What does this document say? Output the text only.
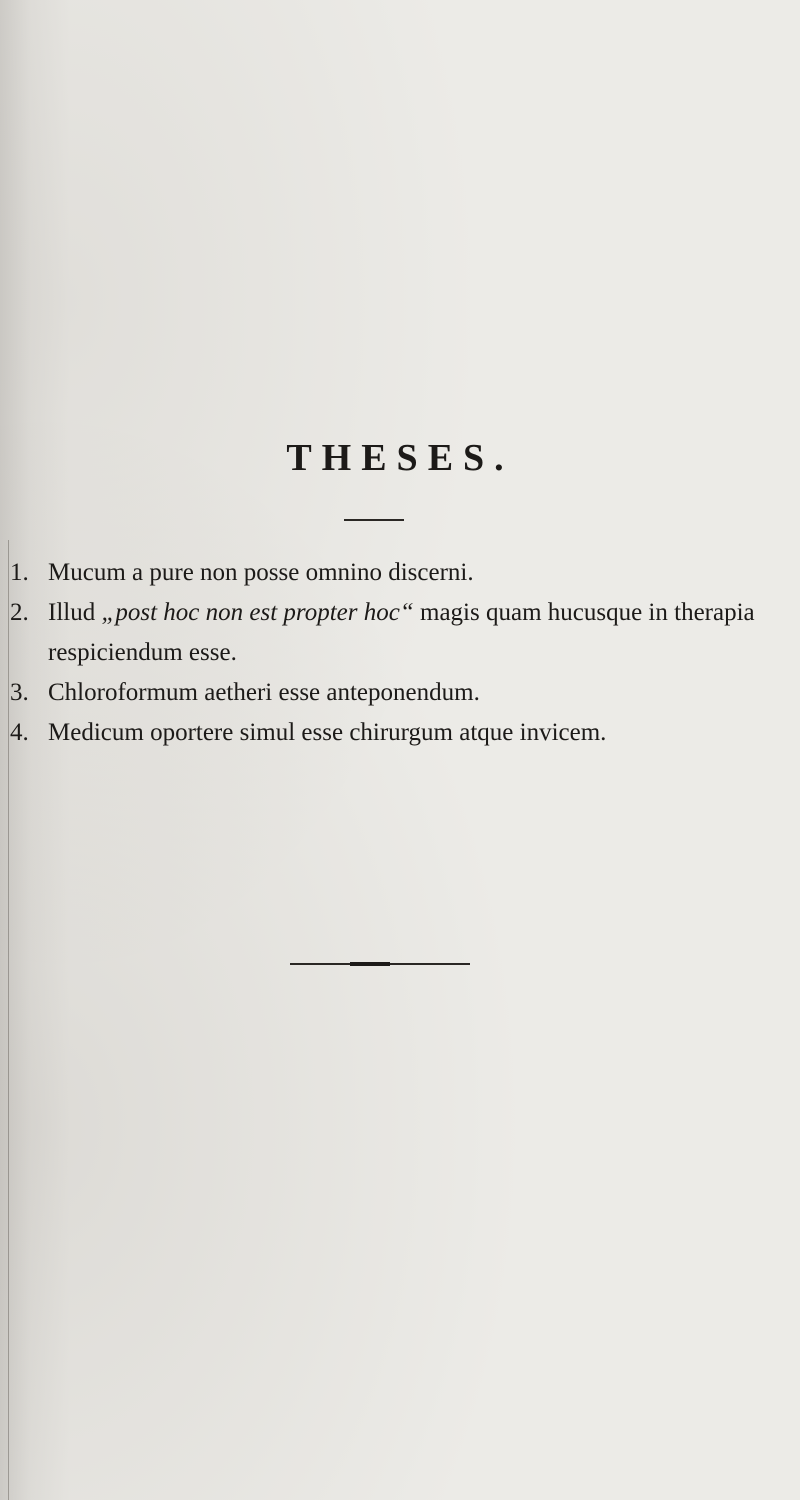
THESES.
1. Mucum a pure non posse omnino discerni.
2. Illud „post hoc non est propter hoc“ magis quam hucusque in therapia respiciendum esse.
3. Chloroformum aetheri esse anteponendum.
4. Medicum oportere simul esse chirurgum atque invicem.
